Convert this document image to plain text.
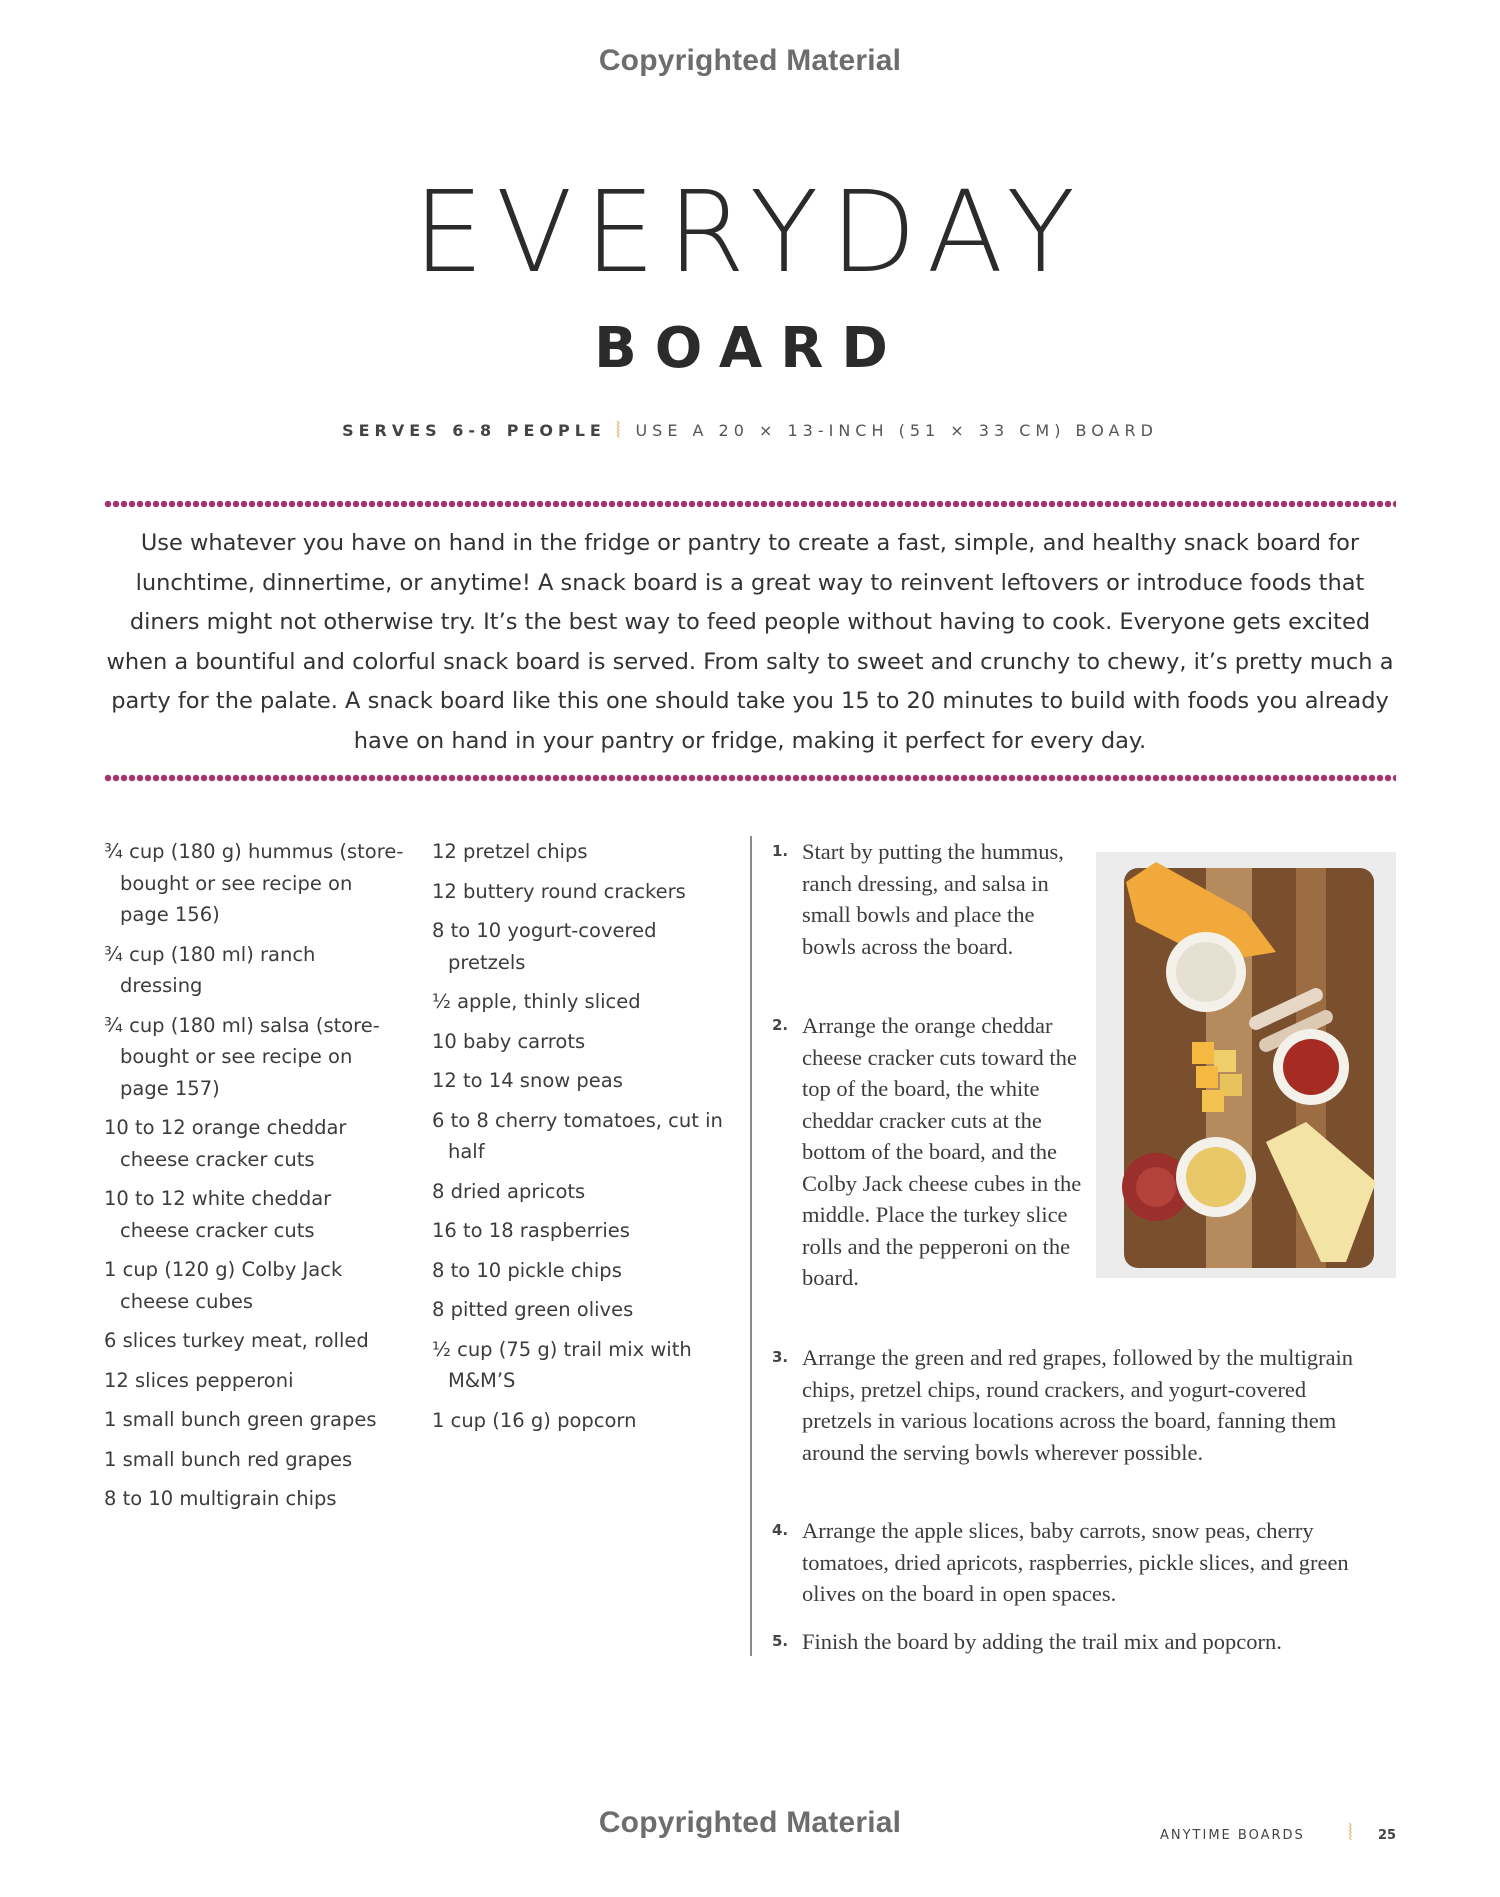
Copyrighted Material
EVERYDAY
BOARD
SERVES 6-8 PEOPLE ⦚ USE A 20 × 13-INCH (51 × 33 CM) BOARD

Use whatever you have on hand in the fridge or pantry to create a fast, simple, and healthy snack board for lunchtime, dinnertime, or anytime! A snack board is a great way to reinvent leftovers or introduce foods that diners might not otherwise try. It’s the best way to feed people without having to cook. Everyone gets excited when a bountiful and colorful snack board is served. From salty to sweet and crunchy to chewy, it’s pretty much a party for the palate. A snack board like this one should take you 15 to 20 minutes to build with foods you already have on hand in your pantry or fridge, making it perfect for every day.

¾ cup (180 g) hummus (store-bought or see recipe on page 156)
¾ cup (180 ml) ranch dressing
¾ cup (180 ml) salsa (store-bought or see recipe on page 157)
10 to 12 orange cheddar cheese cracker cuts
10 to 12 white cheddar cheese cracker cuts
1 cup (120 g) Colby Jack cheese cubes
6 slices turkey meat, rolled
12 slices pepperoni
1 small bunch green grapes
1 small bunch red grapes
8 to 10 multigrain chips
12 pretzel chips
12 buttery round crackers
8 to 10 yogurt-covered pretzels
½ apple, thinly sliced
10 baby carrots
12 to 14 snow peas
6 to 8 cherry tomatoes, cut in half
8 dried apricots
16 to 18 raspberries
8 to 10 pickle chips
8 pitted green olives
½ cup (75 g) trail mix with M&M’S
1 cup (16 g) popcorn
1. Start by putting the hummus, ranch dressing, and salsa in small bowls and place the bowls across the board.
2. Arrange the orange cheddar cheese cracker cuts toward the top of the board, the white cheddar cracker cuts at the bottom of the board, and the Colby Jack cheese cubes in the middle. Place the turkey slice rolls and the pepperoni on the board.
3. Arrange the green and red grapes, followed by the multigrain chips, pretzel chips, round crackers, and yogurt-covered pretzels in various locations across the board, fanning them around the serving bowls wherever possible.
4. Arrange the apple slices, baby carrots, snow peas, cherry tomatoes, dried apricots, raspberries, pickle slices, and green olives on the board in open spaces.
5. Finish the board by adding the trail mix and popcorn.
Copyrighted Material	ANYTIME BOARDS ⦚ 25
